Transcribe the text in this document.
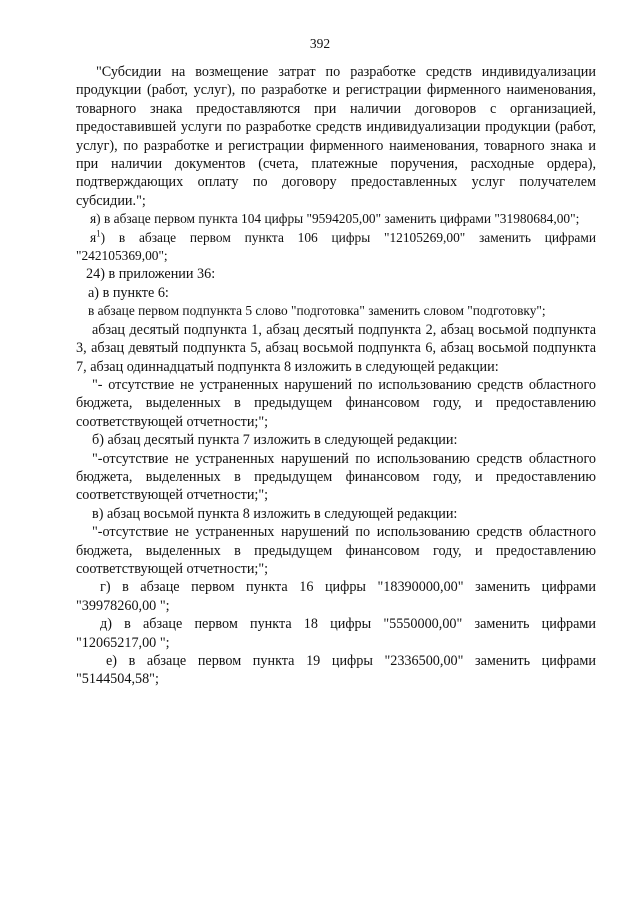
392

"Субсидии на возмещение затрат по разработке средств индивидуализации продукции (работ, услуг), по разработке и регистрации фирменного наименования, товарного знака предоставляются при наличии договоров с организацией, предоставившей услуги по разработке средств индивидуализации продукции (работ, услуг), по разработке и регистрации фирменного наименования, товарного знака и при наличии документов (счета, платежные поручения, расходные ордера), подтверждающих оплату по договору предоставленных услуг получателем субсидии.";

я) в абзаце первом пункта 104 цифры "9594205,00" заменить цифрами "31980684,00";

$я^1$) в абзаце первом пункта 106 цифры "12105269,00" заменить цифрами "242105369,00";

24) в приложении 36:

а) в пункте 6:

в абзаце первом подпункта 5 слово "подготовка" заменить словом "подготовку";

абзац десятый подпункта 1, абзац десятый подпункта 2, абзац восьмой подпункта 3, абзац девятый подпункта 5, абзац восьмой подпункта 6, абзац восьмой подпункта 7, абзац одиннадцатый подпункта 8 изложить в следующей редакции:

"- отсутствие не устраненных нарушений по использованию средств областного бюджета, выделенных в предыдущем финансовом году, и предоставлению соответствующей отчетности;";

б) абзац десятый пункта 7 изложить в следующей редакции:

"-отсутствие не устраненных нарушений по использованию средств областного бюджета, выделенных в предыдущем финансовом году, и предоставлению соответствующей отчетности;";

в) абзац восьмой пункта 8 изложить в следующей редакции:

"-отсутствие не устраненных нарушений по использованию средств областного бюджета, выделенных в предыдущем финансовом году, и предоставлению соответствующей отчетности;";

г) в абзаце первом пункта 16 цифры "18390000,00" заменить цифрами "39978260,00 ";

д) в абзаце первом пункта 18 цифры "5550000,00" заменить цифрами "12065217,00 ";

е) в абзаце первом пункта 19 цифры "2336500,00" заменить цифрами "5144504,58";
